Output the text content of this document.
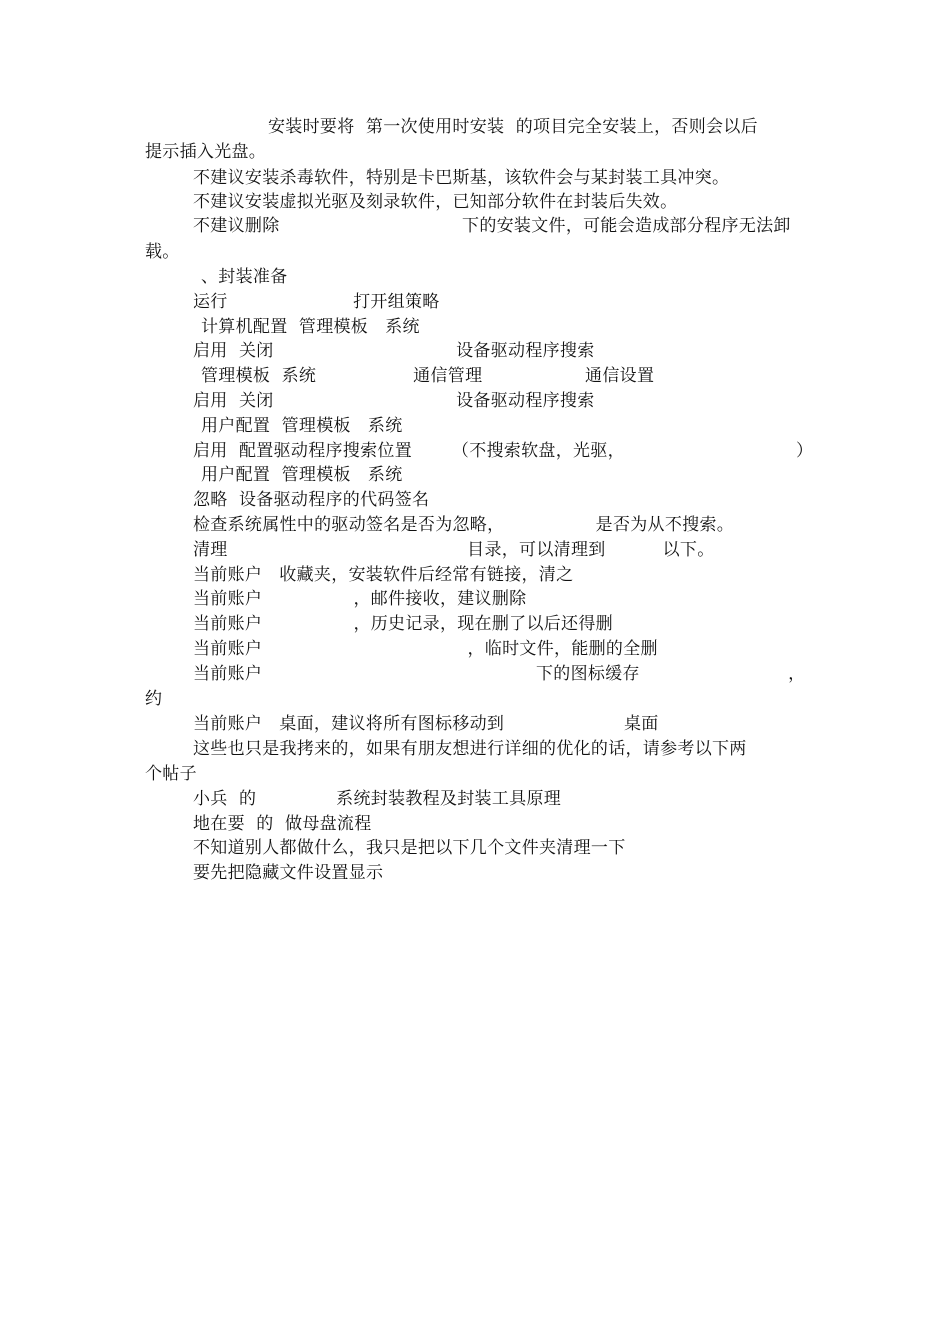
安装时要将  第一次使用时安装  的项目完全安装上，否则会以后
提示插入光盘。
不建议安装杀毒软件，特别是卡巴斯基，该软件会与某封装工具冲突。
不建议安装虚拟光驱及刻录软件，已知部分软件在封装后失效。
不建议删除                                下的安装文件，可能会造成部分程序无法卸
载。
、封装准备
运行                      打开组策略
计算机配置  管理模板   系统
启用  关闭                                设备驱动程序搜索
管理模板  系统                 通信管理                  通信设置
启用  关闭                                设备驱动程序搜索
用户配置  管理模板   系统
启用  配置驱动程序搜索位置       （不搜索软盘，光驱，                              ）
用户配置  管理模板   系统
忽略  设备驱动程序的代码签名
检查系统属性中的驱动签名是否为忽略，                是否为从不搜索。
清理                                          目录，可以清理到          以下。
当前账户   收藏夹，安装软件后经常有链接，清之
当前账户                ，邮件接收，建议删除
当前账户                ，历史记录，现在删了以后还得删
当前账户                                    ，临时文件，能删的全删
当前账户                                                下的图标缓存                          ，
约
当前账户   桌面，建议将所有图标移动到                     桌面
这些也只是我拷来的，如果有朋友想进行详细的优化的话，请参考以下两
个帖子
小兵  的              系统封装教程及封装工具原理
地在要  的  做母盘流程
不知道别人都做什么，我只是把以下几个文件夹清理一下
要先把隐藏文件设置显示
